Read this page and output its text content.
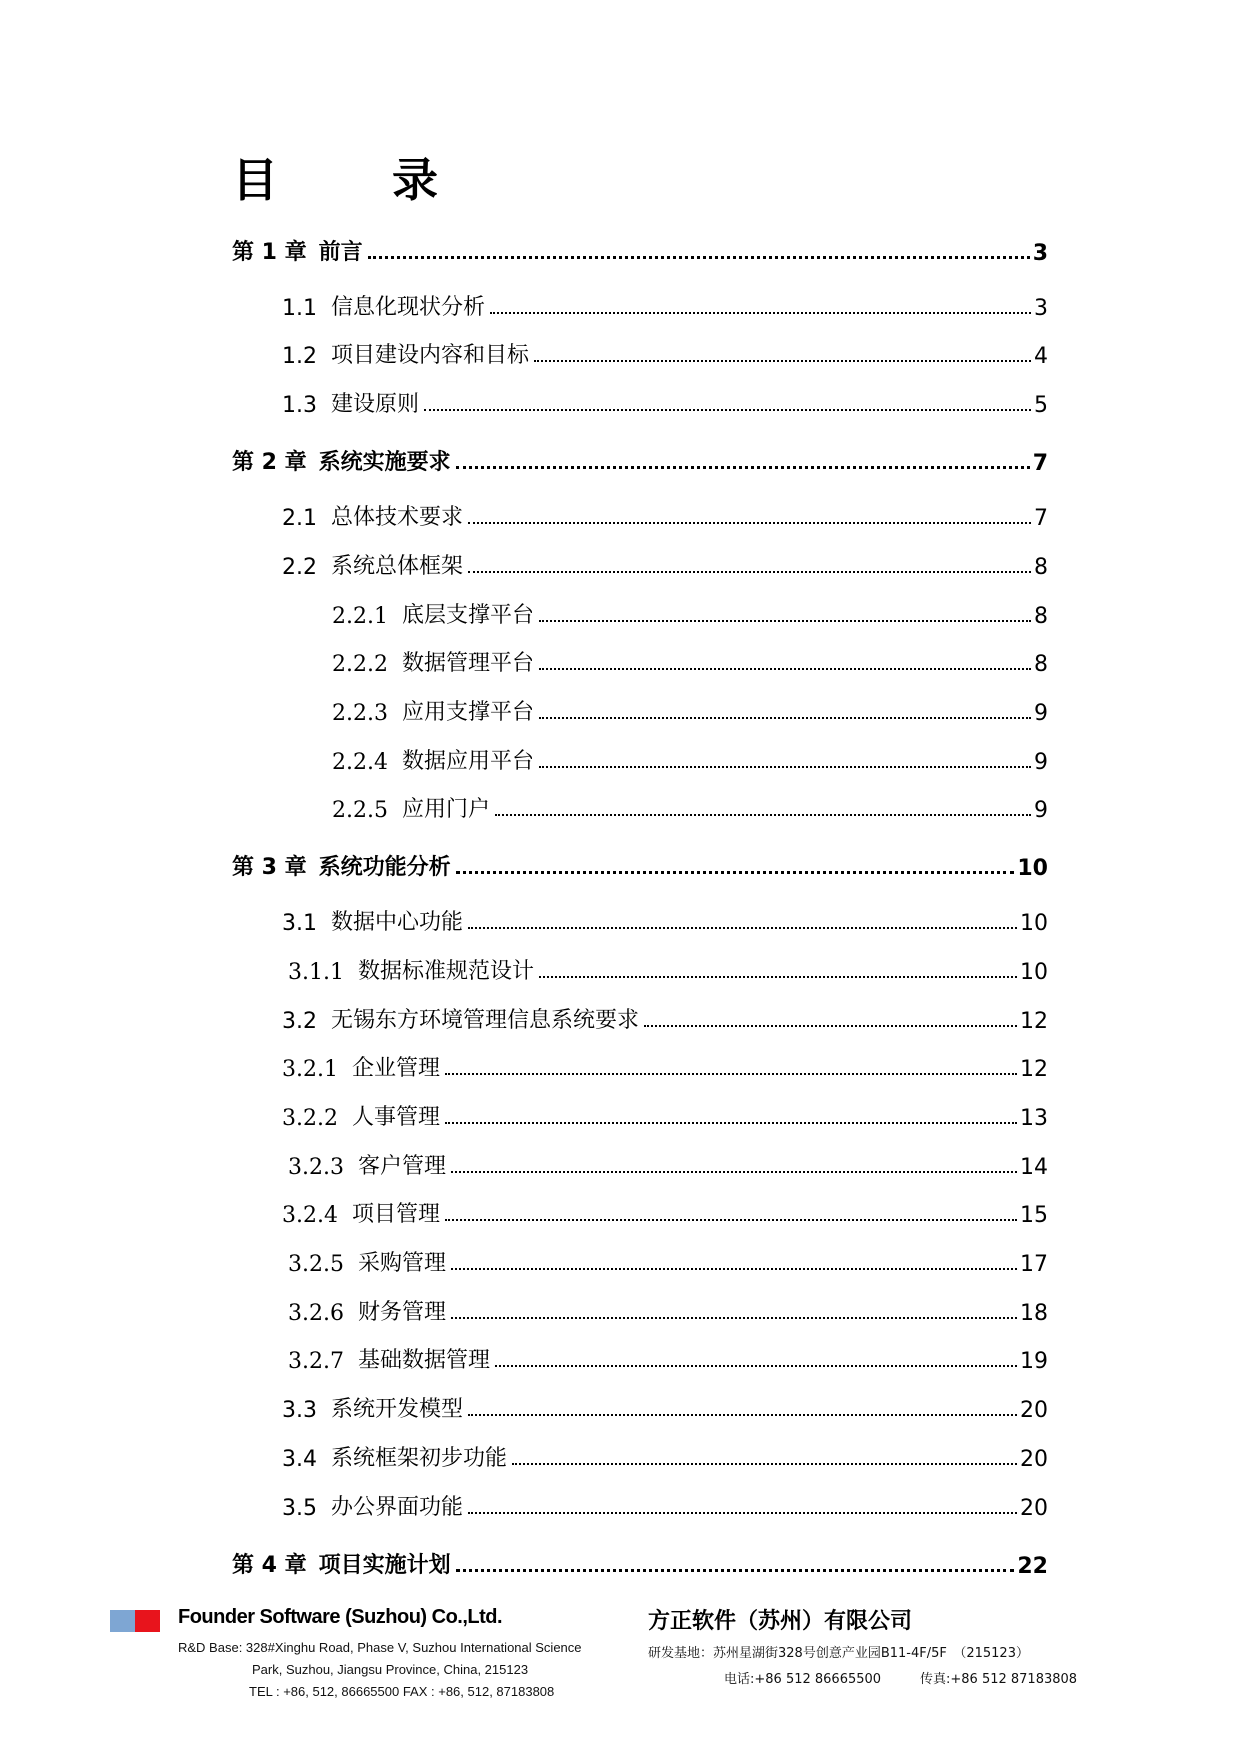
目　录
第 1 章 前言	3
1.1 信息化现状分析	3
1.2 项目建设内容和目标	4
1.3 建设原则	5
第 2 章 系统实施要求	7
2.1 总体技术要求	7
2.2 系统总体框架	8
2.2.1 底层支撑平台	8
2.2.2 数据管理平台	8
2.2.3 应用支撑平台	9
2.2.4 数据应用平台	9
2.2.5 应用门户	9
第 3 章 系统功能分析	10
3.1 数据中心功能	10
3.1.1 数据标准规范设计	10
3.2 无锡东方环境管理信息系统要求	12
3.2.1 企业管理	12
3.2.2 人事管理	13
3.2.3 客户管理	14
3.2.4 项目管理	15
3.2.5 采购管理	17
3.2.6 财务管理	18
3.2.7 基础数据管理	19
3.3 系统开发模型	20
3.4 系统框架初步功能	20
3.5 办公界面功能	20
第 4 章 项目实施计划	22
Founder Software (Suzhou) Co.,Ltd.
R&D Base: 328#Xinghu Road, Phase V, Suzhou International Science
Park, Suzhou, Jiangsu Province, China, 215123
TEL : +86, 512, 86665500 FAX : +86, 512, 87183808
方正软件（苏州）有限公司
研发基地：苏州星湖街328号创意产业园B11-4F/5F　（215123）
电话:+86 512 86665500	传真:+86 512 87183808
